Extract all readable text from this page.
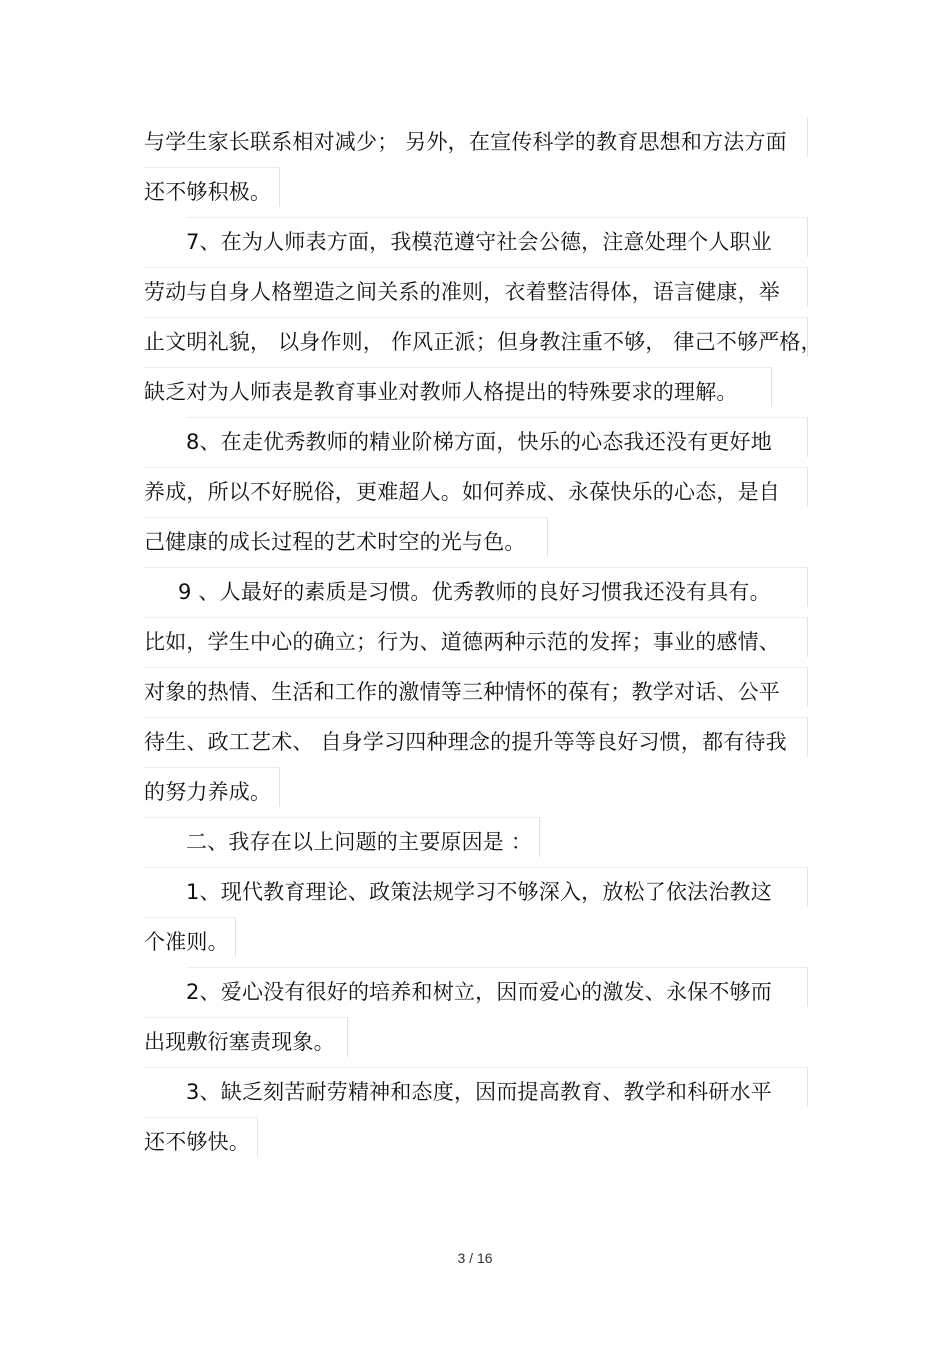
与学生家长联系相对减少； 另外，在宣传科学的教育思想和方法方面
还不够积极。
7、在为人师表方面，我模范遵守社会公德，注意处理个人职业
劳动与自身人格塑造之间关系的准则，衣着整洁得体，语言健康，举
止文明礼貌， 以身作则， 作风正派；但身教注重不够， 律己不够严格，
缺乏对为人师表是教育事业对教师人格提出的特殊要求的理解。
8、在走优秀教师的精业阶梯方面，快乐的心态我还没有更好地
养成，所以不好脱俗，更难超人。如何养成、永葆快乐的心态，是自
己健康的成长过程的艺术时空的光与色。
9 、人最好的素质是习惯。优秀教师的良好习惯我还没有具有。
比如，学生中心的确立；行为、道德两种示范的发挥；事业的感情、
对象的热情、生活和工作的激情等三种情怀的葆有；教学对话、公平
待生、政工艺术、 自身学习四种理念的提升等等良好习惯，都有待我
的努力养成。
二、我存在以上问题的主要原因是 ：
1、现代教育理论、政策法规学习不够深入，放松了依法治教这
个准则。
2、爱心没有很好的培养和树立，因而爱心的激发、永保不够而
出现敷衍塞责现象。
3、缺乏刻苦耐劳精神和态度，因而提高教育、教学和科研水平
还不够快。
3 / 16
